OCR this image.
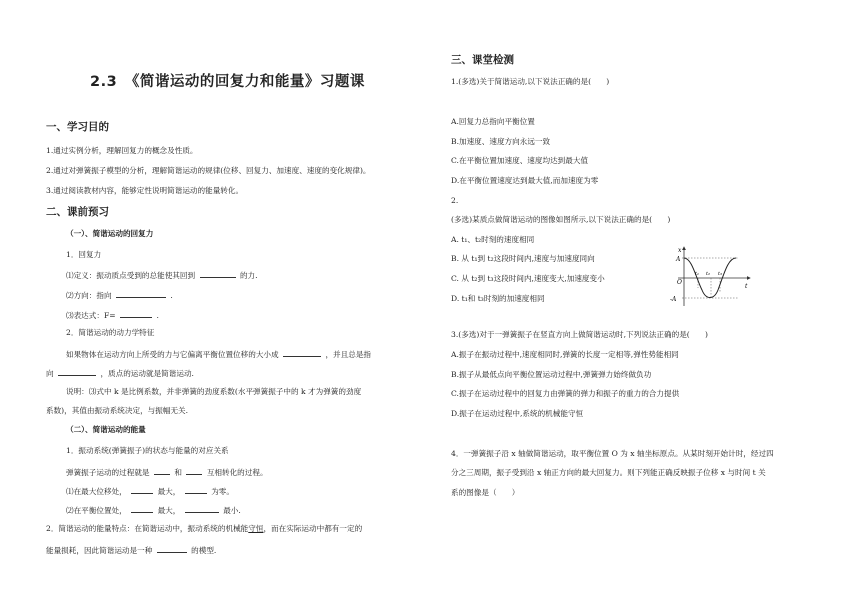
2.3　《简谐运动的回复力和能量》习题课
一、学习目的
1.通过实例分析，理解回复力的概念及性质。
2.通过对弹簧振子模型的分析，理解简谐运动的规律(位移、回复力、加速度、速度的变化规律)。
3.通过阅读教材内容，能够定性说明简谐运动的能量转化。
二、课前预习
（一）、简谐运动的回复力
1．回复力
⑴定义：振动质点受到的总能使其回到	的力.
⑵方向：指向	.
⑶表达式：F=	.
2．简谐运动的动力学特征
如果物体在运动方向上所受的力与它偏离平衡位置位移的大小成	，并且总是指
向	，质点的运动就是简谐运动.
说明：⑶式中 k 是比例系数，并非弹簧的劲度系数(水平弹簧振子中的 k 才为弹簧的劲度
系数)，其值由振动系统决定，与振幅无关.
（二）、简谐运动的能量
1．振动系统(弹簧振子)的状态与能量的对应关系
弹簧振子运动的过程就是	和	互相转化的过程。
⑴在最大位移处，	最大，	为零。
⑵在平衡位置处，	最大，	最小.
2．简谐运动的能量特点：在简谐运动中，振动系统的机械能守恒，而在实际运动中都有一定的
能量损耗，因此简谐运动是一种	的模型.
三、课堂检测
1.(多选)关于简谐运动,以下说法正确的是(　　)
A.回复力总指向平衡位置
B.加速度、速度方向永远一致
C.在平衡位置加速度、速度均达到最大值
D.在平衡位置速度达到最大值,而加速度为零
2.
(多选)某质点做简谐运动的图像如图所示,以下说法正确的是(　　)
A. t₁、t₂时刻的速度相同
B. 从 t₁到 t₂这段时间内,速度与加速度同向
C. 从 t₂到 t₃这段时间内,速度变大,加速度变小
D. t₁和 t₃时刻的加速度相同
x
t
O
A
-A
t₁ t₂ t₃
3.(多选)对于一弹簧振子在竖直方向上做简谐运动时,下列说法正确的是(　　)
A.振子在振动过程中,速度相同时,弹簧的长度一定相等,弹性势能相同
B.振子从最低点向平衡位置运动过程中,弹簧弹力始终做负功
C.振子在运动过程中的回复力由弹簧的弹力和振子的重力的合力提供
D.振子在运动过程中,系统的机械能守恒
4．一弹簧振子沿 x 轴做简谐运动，取平衡位置 O 为 x 轴坐标原点。从某时刻开始计时，经过四
分之三周期，振子受到沿 x 轴正方向的最大回复力。则下列能正确反映振子位移 x 与时间 t 关
系的图像是（　　）
